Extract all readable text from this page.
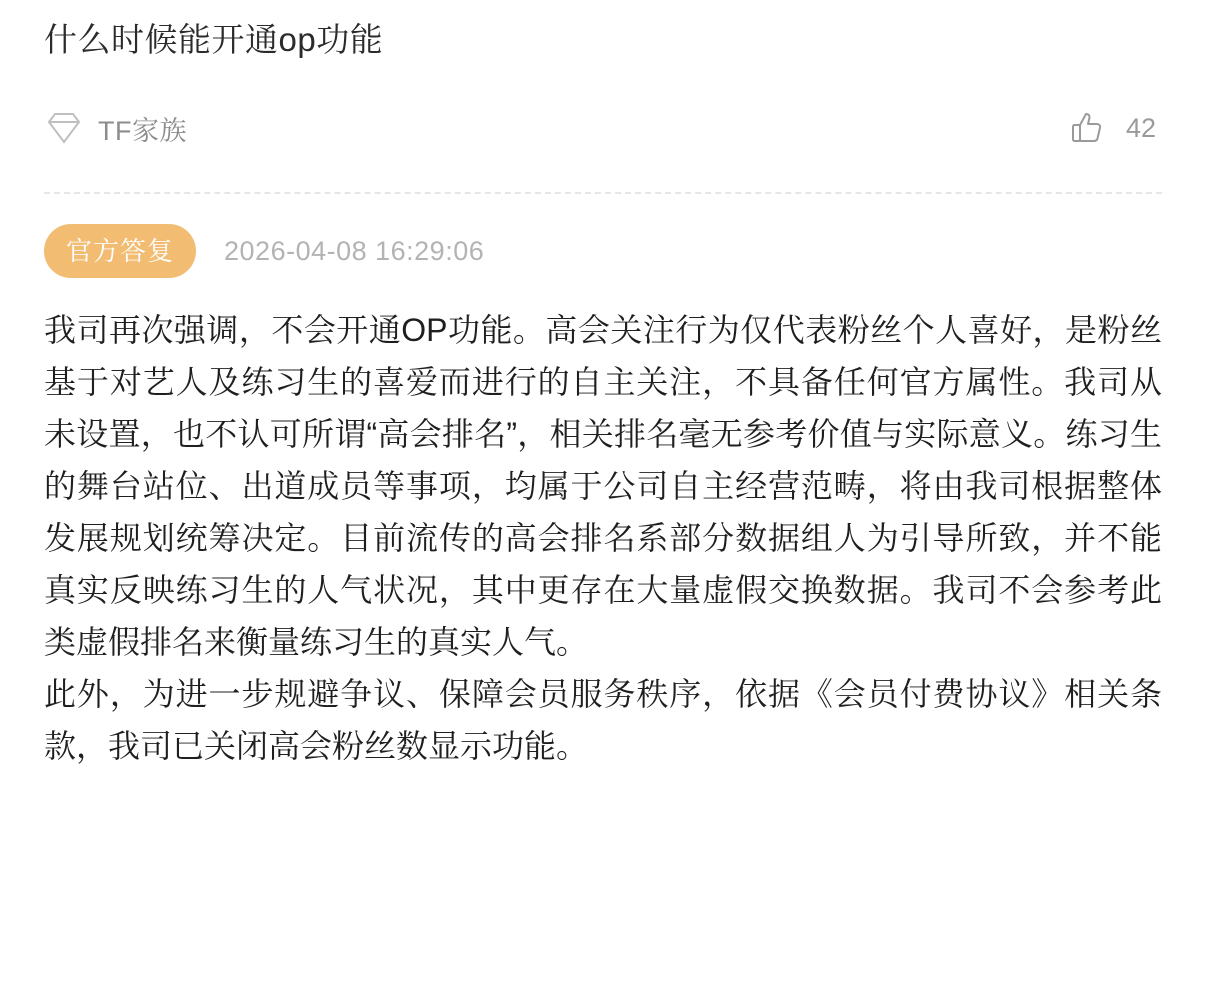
什么时候能开通op功能
TF家族	42
官方答复	2026-04-08 16:29:06

我司再次强调，不会开通OP功能。高会关注行为仅代表粉丝个人喜好，是粉丝基于对艺人及练习生的喜爱而进行的自主关注，不具备任何官方属性。我司从未设置，也不认可所谓“高会排名”，相关排名毫无参考价值与实际意义。练习生的舞台站位、出道成员等事项，均属于公司自主经营范畴，将由我司根据整体发展规划统筹决定。目前流传的高会排名系部分数据组人为引导所致，并不能真实反映练习生的人气状况，其中更存在大量虚假交换数据。我司不会参考此类虚假排名来衡量练习生的真实人气。

此外，为进一步规避争议、保障会员服务秩序，依据《会员付费协议》相关条款，我司已关闭高会粉丝数显示功能。
